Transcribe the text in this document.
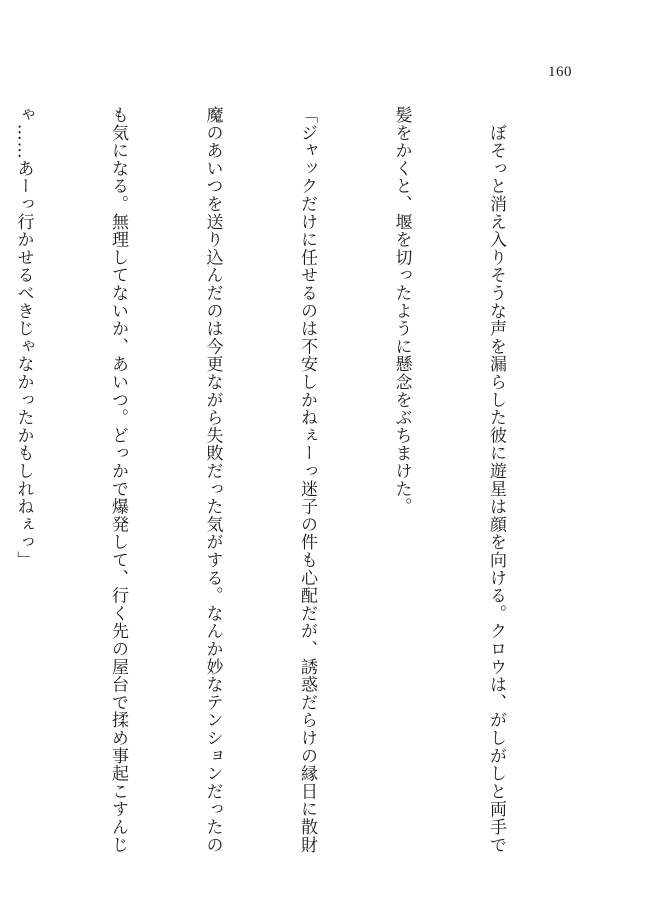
160

　ぼそっと消え入りそうな声を漏らした彼に遊星は顔を向ける。クロウは、がしがしと両手で

髪をかくと、堰を切ったように懸念をぶちまけた。

「ジャックだけに任せるのは不安しかねぇーっ迷子の件も心配だが、誘惑だらけの縁日に散財

魔のあいつを送り込んだのは今更ながら失敗だった気がする。なんか妙なテンションだったの

も気になる。無理してないか、あいつ。どっかで爆発して、行く先の屋台で揉め事起こすんじ

ゃ……あーっ行かせるべきじゃなかったかもしれねぇっ」
